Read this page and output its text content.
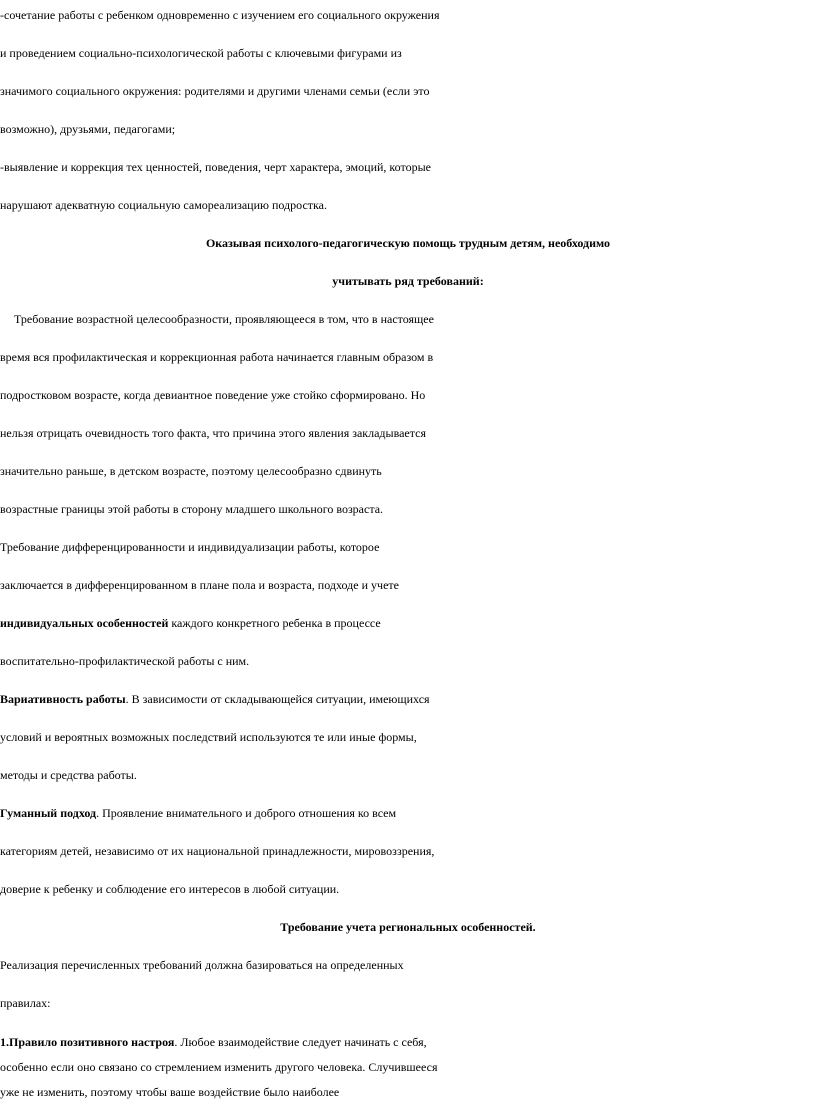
-сочетание работы с ребенком одновременно с изучением его социального окружения

и проведением социально-психологической работы с ключевыми фигурами из

значимого социального окружения: родителями и другими членами семьи (если это

возможно), друзьями, педагогами;

-выявление и коррекция тех ценностей, поведения, черт характера, эмоций, которые

нарушают адекватную социальную самореализацию подростка.

Оказывая психолого-педагогическую помощь трудным детям, необходимо

учитывать ряд требований:

Требование возрастной целесообразности, проявляющееся в том, что в настоящее

время вся профилактическая и коррекционная работа начинается главным образом в

подростковом возрасте, когда девиантное поведение уже стойко сформировано. Но

нельзя отрицать очевидность того факта, что причина этого явления закладывается

значительно раньше, в детском возрасте, поэтому целесообразно сдвинуть

возрастные границы этой работы в сторону младшего школьного возраста.

Требование дифференцированности и индивидуализации работы, которое

заключается в дифференцированном в плане пола и возраста, подходе и учете

индивидуальных особенностей каждого конкретного ребенка в процессе

воспитательно-профилактической работы с ним.

Вариативность работы. В зависимости от складывающейся ситуации, имеющихся

условий и вероятных возможных последствий используются те или иные формы,

методы и средства работы.

Гуманный подход. Проявление внимательного и доброго отношения ко всем

категориям детей, независимо от их национальной принадлежности, мировоззрения,

доверие к ребенку и соблюдение его интересов в любой ситуации.

Требование учета региональных особенностей.

Реализация перечисленных требований должна базироваться на определенных

правилах:

1.Правило позитивного настроя. Любое взаимодействие следует начинать с себя,

особенно если оно связано со стремлением изменить другого человека. Случившееся

уже не изменить, поэтому чтобы ваше воздействие было наиболее
